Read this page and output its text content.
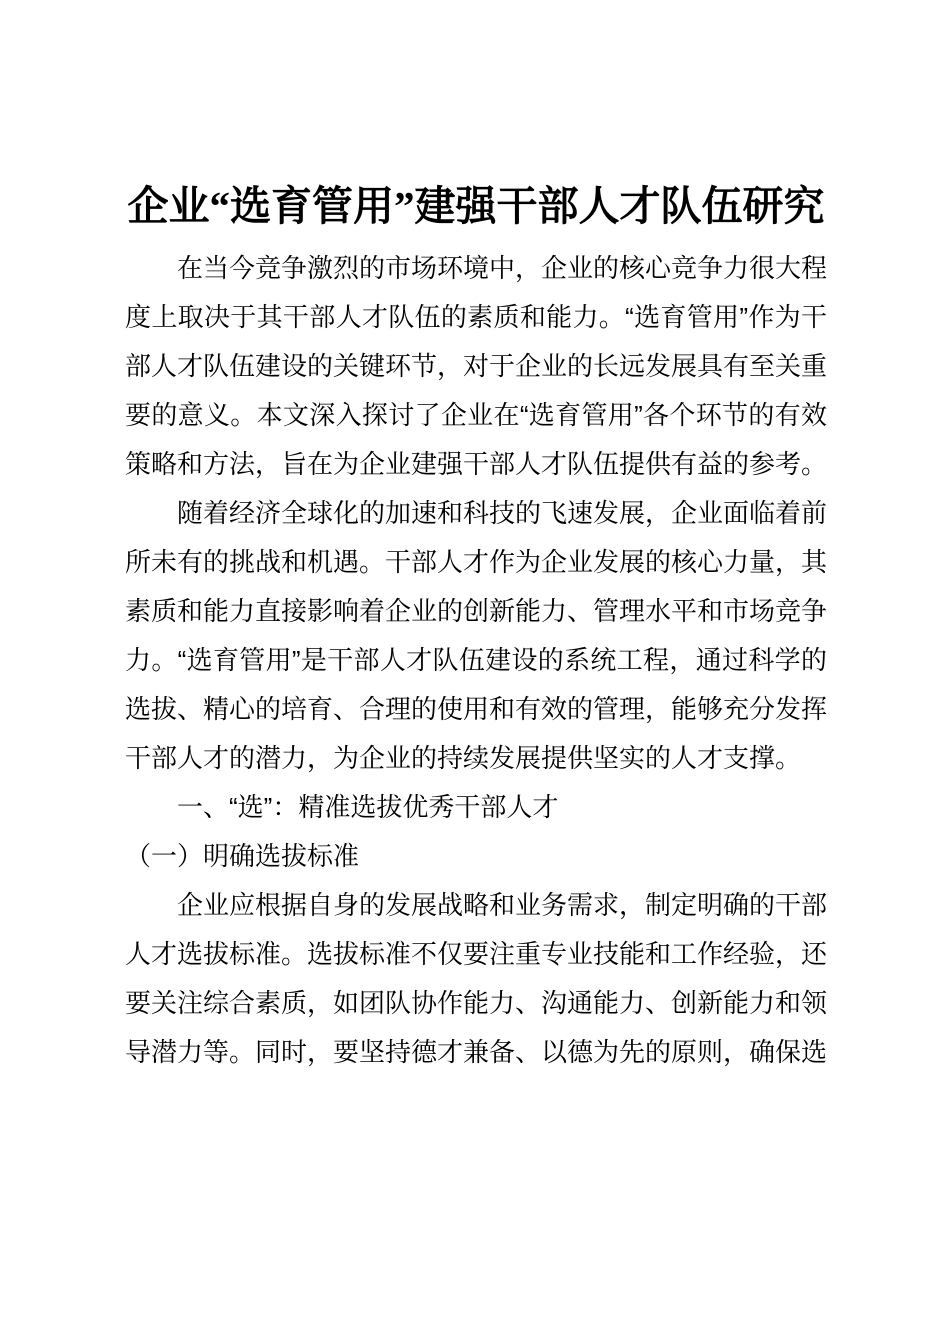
企业“选育管用”建强干部人才队伍研究

在当今竞争激烈的市场环境中，企业的核心竞争力很大程度上取决于其干部人才队伍的素质和能力。“选育管用”作为干部人才队伍建设的关键环节，对于企业的长远发展具有至关重要的意义。本文深入探讨了企业在“选育管用”各个环节的有效策略和方法，旨在为企业建强干部人才队伍提供有益的参考。

随着经济全球化的加速和科技的飞速发展，企业面临着前所未有的挑战和机遇。干部人才作为企业发展的核心力量，其素质和能力直接影响着企业的创新能力、管理水平和市场竞争力。“选育管用”是干部人才队伍建设的系统工程，通过科学的选拔、精心的培育、合理的使用和有效的管理，能够充分发挥干部人才的潜力，为企业的持续发展提供坚实的人才支撑。

一、“选”：精准选拔优秀干部人才

（一）明确选拔标准

企业应根据自身的发展战略和业务需求，制定明确的干部人才选拔标准。选拔标准不仅要注重专业技能和工作经验，还要关注综合素质，如团队协作能力、沟通能力、创新能力和领导潜力等。同时，要坚持德才兼备、以德为先的原则，确保选
